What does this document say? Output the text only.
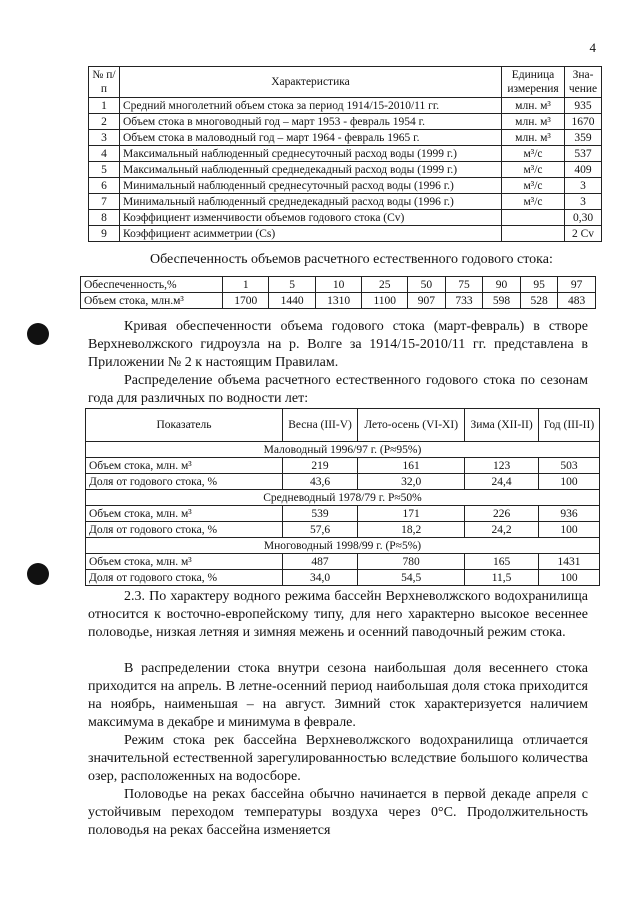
4
№ п/п	Характеристика	Единица измерения	Зна-чение
1	Средний многолетний объем стока за период 1914/15-2010/11 гг.	млн. м³	935
2	Объем стока в многоводный год – март 1953 - февраль 1954 г.	млн. м³	1670
3	Объем стока в маловодный год – март 1964 - февраль 1965 г.	млн. м³	359
4	Максимальный наблюденный среднесуточный расход воды (1999 г.)	м³/с	537
5	Максимальный наблюденный среднедекадный расход воды (1999 г.)	м³/с	409
6	Минимальный наблюденный среднесуточный расход воды (1996 г.)	м³/с	3
7	Минимальный наблюденный среднедекадный расход воды (1996 г.)	м³/с	3
8	Коэффициент изменчивости объемов годового стока (Cv)		0,30
9	Коэффициент асимметрии (Cs)		2 Cv
Обеспеченность объемов расчетного естественного годового стока:
Обеспеченность,%	1	5	10	25	50	75	90	95	97
Объем стока, млн.м³	1700	1440	1310	1100	907	733	598	528	483

Кривая обеспеченности объема годового стока (март-февраль) в створе Верхневолжского гидроузла на р. Волге за 1914/15-2010/11 гг. представлена в Приложении № 2 к настоящим Правилам.

Распределение объема расчетного естественного годового стока по сезонам года для различных по водности лет:

Показатель	Весна (III-V)	Лето-осень (VI-XI)	Зима (XII-II)	Год (III-II)
Маловодный 1996/97 г. (P≈95%)				
Объем стока, млн. м³	219	161	123	503
Доля от годового стока, %	43,6	32,0	24,4	100
Средневодный 1978/79 г. P≈50%				
Объем стока, млн. м³	539	171	226	936
Доля от годового стока, %	57,6	18,2	24,2	100
Многоводный 1998/99 г. (P≈5%)				
Объем стока, млн. м³	487	780	165	1431
Доля от годового стока, %	34,0	54,5	11,5	100

2.3. По характеру водного режима бассейн Верхневолжского водохранилища относится к восточно-европейскому типу, для него характерно высокое весеннее половодье, низкая летняя и зимняя межень и осенний паводочный режим стока.

В распределении стока внутри сезона наибольшая доля весеннего стока приходится на апрель. В летне-осенний период наибольшая доля стока приходится на ноябрь, наименьшая – на август. Зимний сток характеризуется наличием максимума в декабре и минимума в феврале.

Режим стока рек бассейна Верхневолжского водохранилища отличается значительной естественной зарегулированностью вследствие большого количества озер, расположенных на водосборе.

Половодье на реках бассейна обычно начинается в первой декаде апреля с устойчивым переходом температуры воздуха через 0°C. Продолжительность половодья на реках бассейна изменяется
